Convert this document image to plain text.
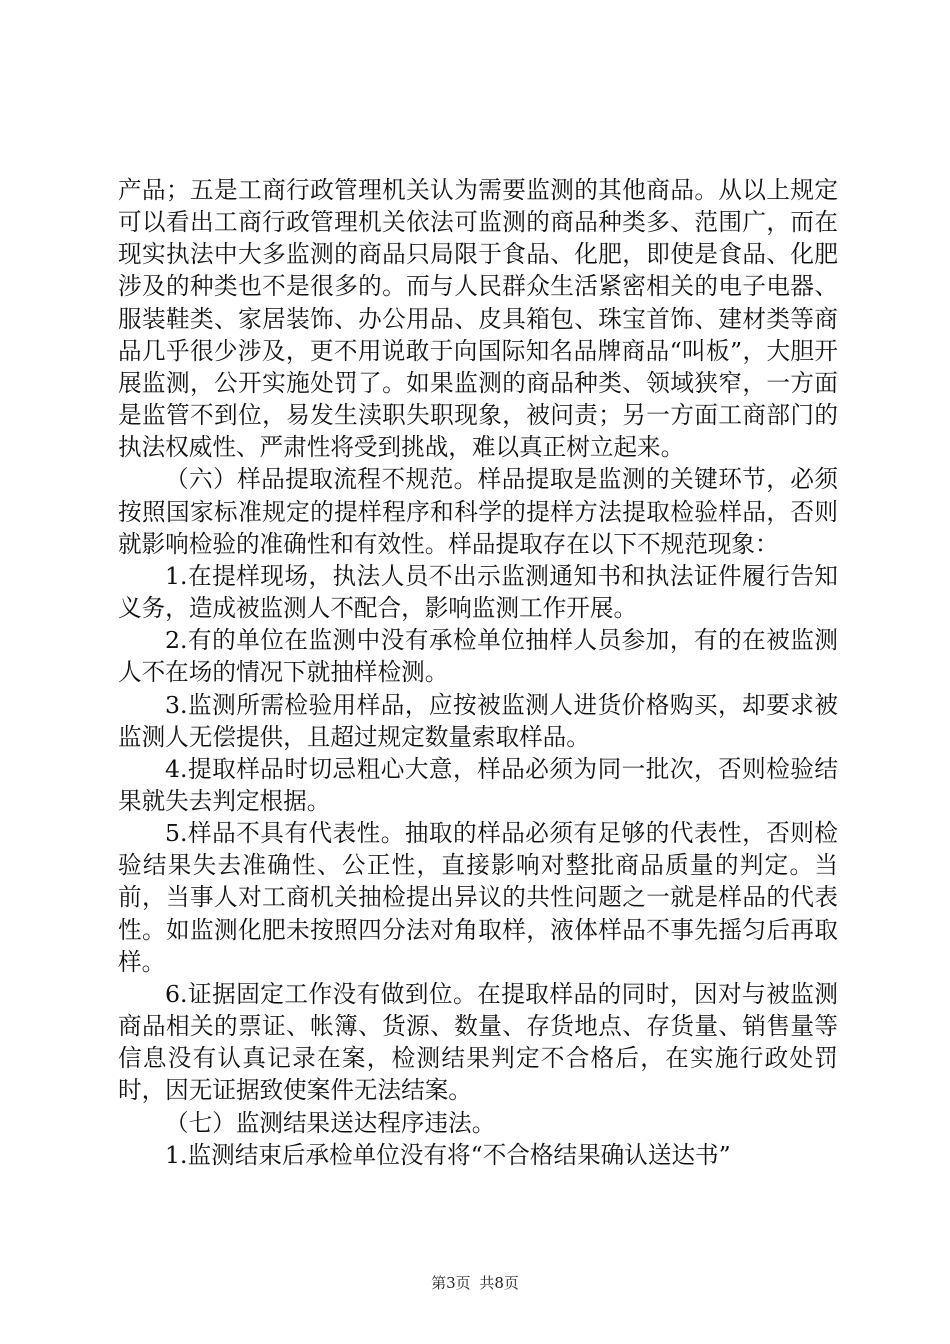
产品；五是工商行政管理机关认为需要监测的其他商品。从以上规定可以看出工商行政管理机关依法可监测的商品种类多、范围广，而在现实执法中大多监测的商品只局限于食品、化肥，即使是食品、化肥涉及的种类也不是很多的。而与人民群众生活紧密相关的电子电器、服装鞋类、家居装饰、办公用品、皮具箱包、珠宝首饰、建材类等商品几乎很少涉及，更不用说敢于向国际知名品牌商品“叫板”，大胆开展监测，公开实施处罚了。如果监测的商品种类、领域狭窄，一方面是监管不到位，易发生渎职失职现象，被问责；另一方面工商部门的执法权威性、严肃性将受到挑战，难以真正树立起来。

（六）样品提取流程不规范。样品提取是监测的关键环节，必须按照国家标准规定的提样程序和科学的提样方法提取检验样品，否则就影响检验的准确性和有效性。样品提取存在以下不规范现象：

1.在提样现场，执法人员不出示监测通知书和执法证件履行告知义务，造成被监测人不配合，影响监测工作开展。

2.有的单位在监测中没有承检单位抽样人员参加，有的在被监测人不在场的情况下就抽样检测。

3.监测所需检验用样品，应按被监测人进货价格购买，却要求被监测人无偿提供，且超过规定数量索取样品。

4.提取样品时切忌粗心大意，样品必须为同一批次，否则检验结果就失去判定根据。

5.样品不具有代表性。抽取的样品必须有足够的代表性，否则检验结果失去准确性、公正性，直接影响对整批商品质量的判定。当前，当事人对工商机关抽检提出异议的共性问题之一就是样品的代表性。如监测化肥未按照四分法对角取样，液体样品不事先摇匀后再取样。

6.证据固定工作没有做到位。在提取样品的同时，因对与被监测商品相关的票证、帐簿、货源、数量、存货地点、存货量、销售量等信息没有认真记录在案，检测结果判定不合格后，在实施行政处罚时，因无证据致使案件无法结案。

（七）监测结果送达程序违法。

1.监测结束后承检单位没有将“不合格结果确认送达书”

第3页 共8页
